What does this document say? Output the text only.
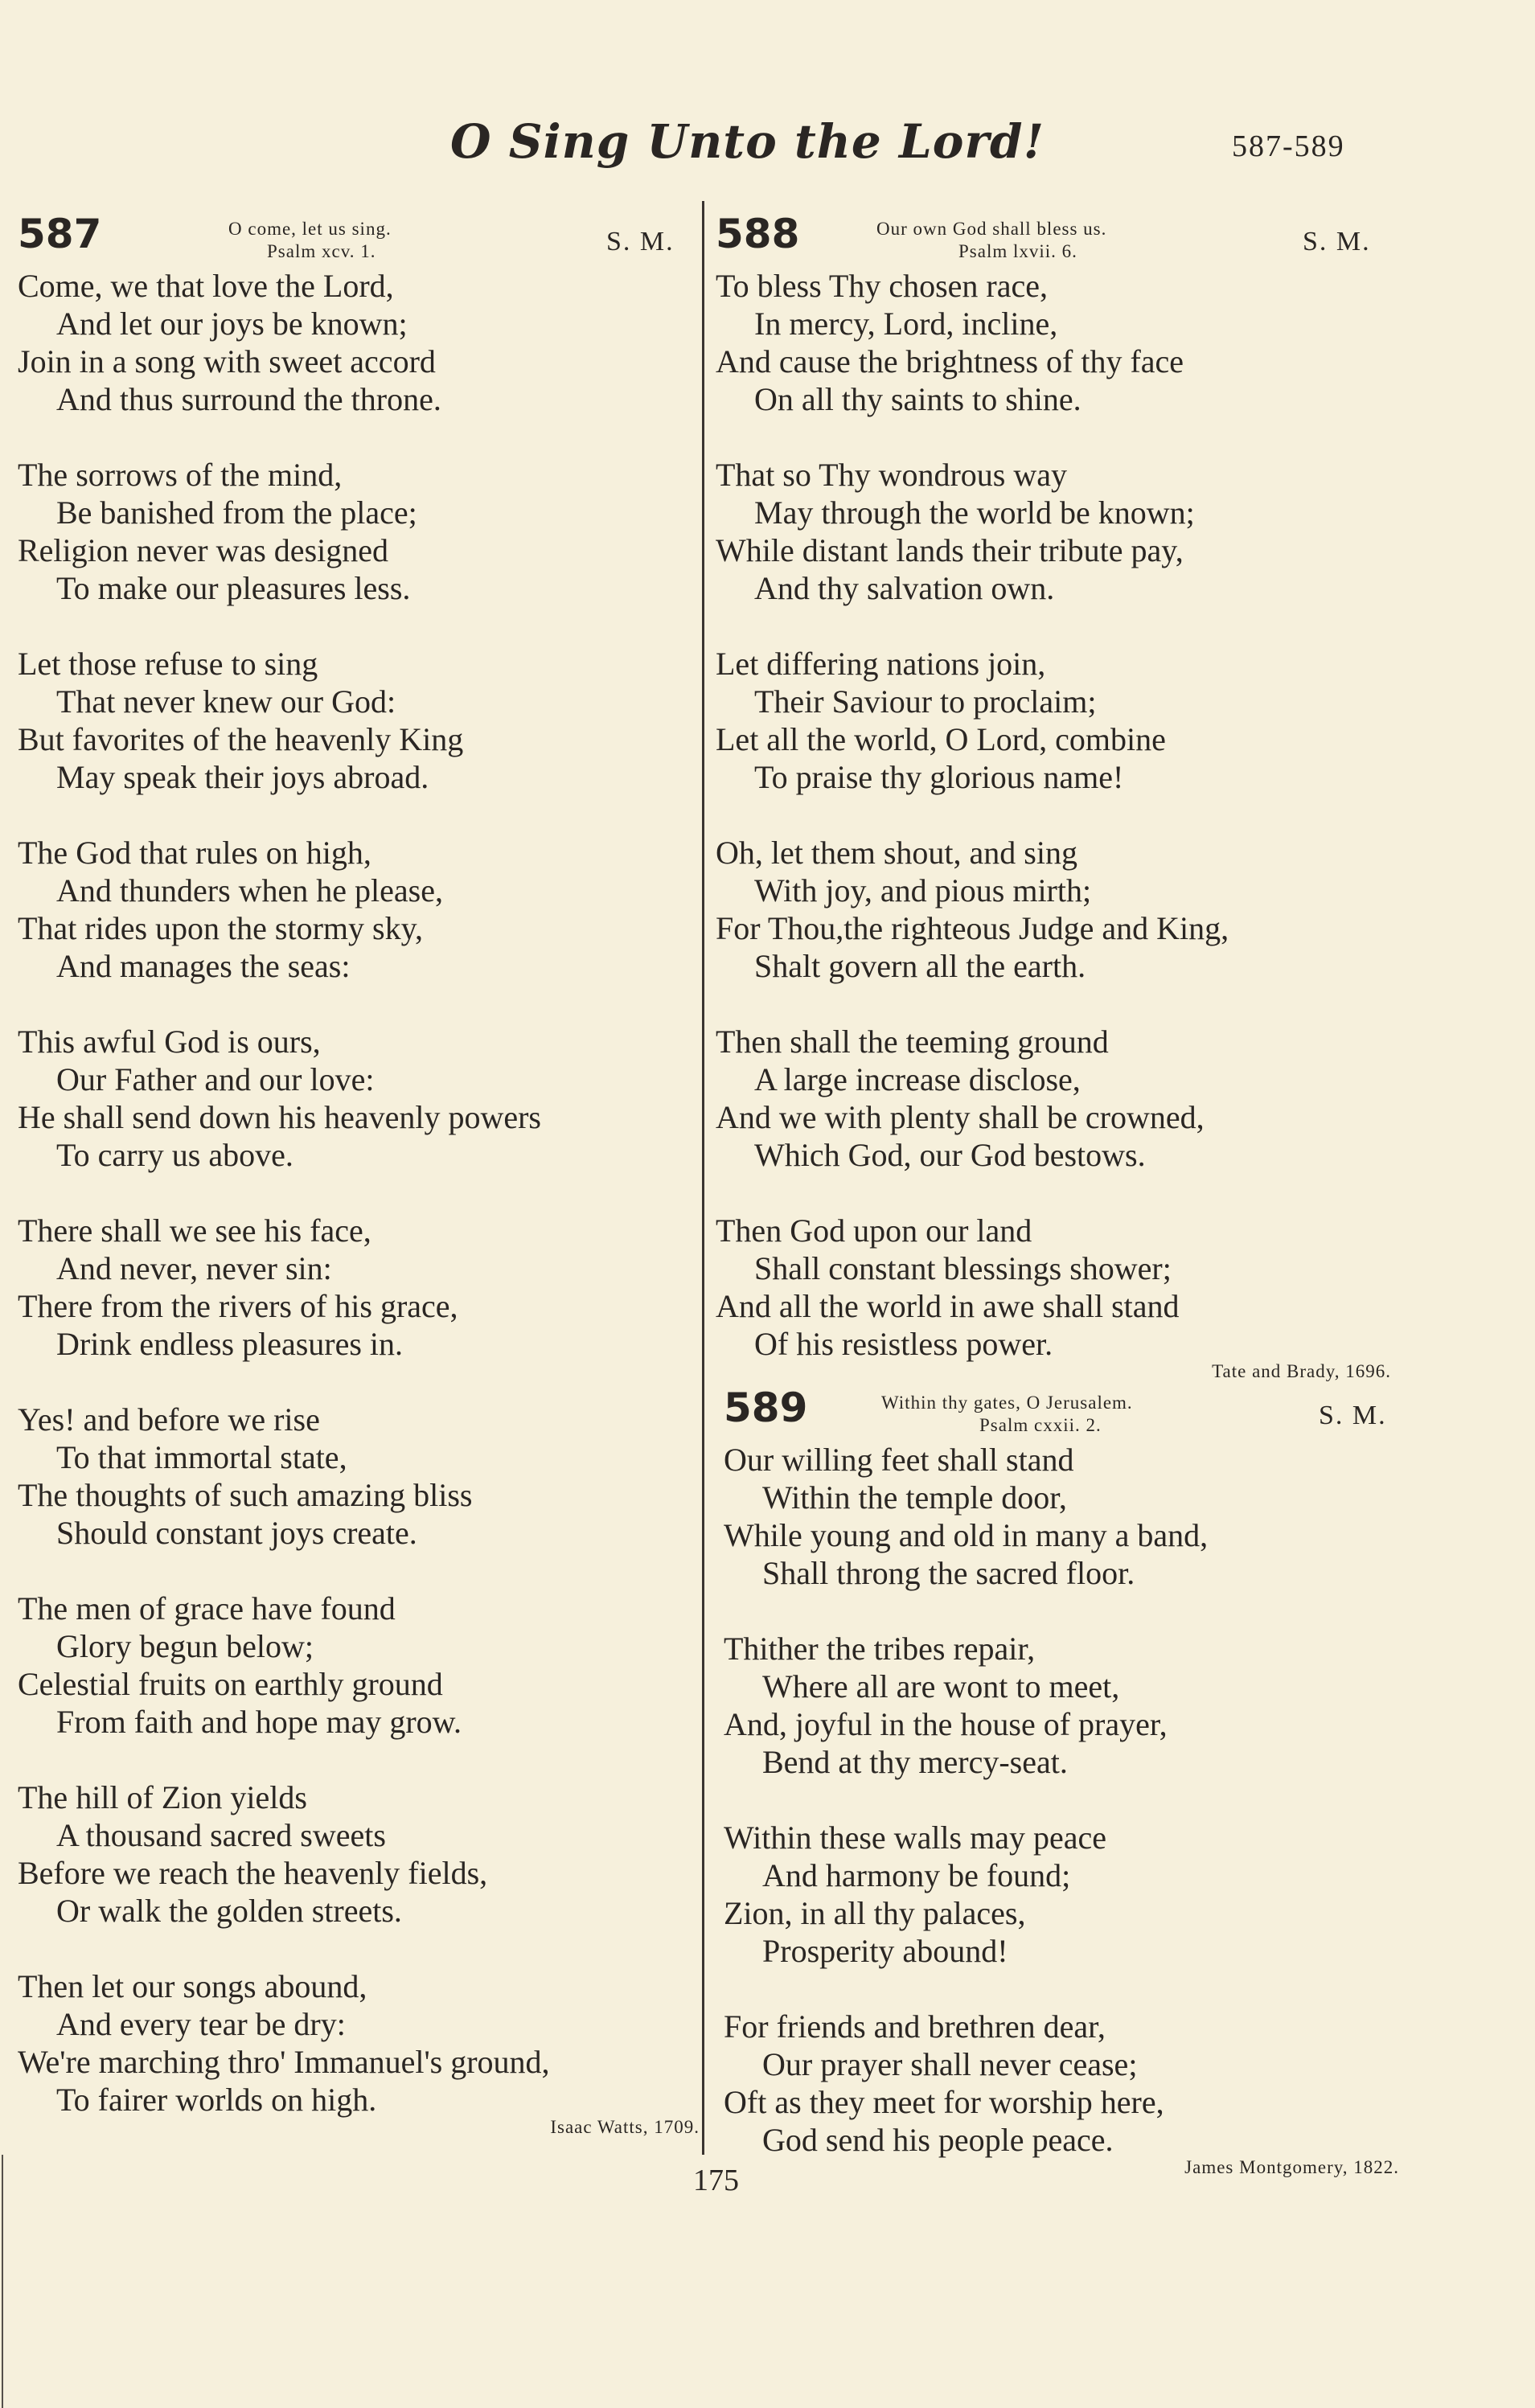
O Sing Unto the Lord!	587-589
587	O come, let us sing.
Psalm xcv. 1.	S. M.
Come, we that love the Lord,
And let our joys be known;
Join in a song with sweet accord
And thus surround the throne.
The sorrows of the mind,
Be banished from the place;
Religion never was designed
To make our pleasures less.
Let those refuse to sing
That never knew our God:
But favorites of the heavenly King
May speak their joys abroad.
The God that rules on high,
And thunders when he please,
That rides upon the stormy sky,
And manages the seas:
This awful God is ours,
Our Father and our love:
He shall send down his heavenly powers
To carry us above.
There shall we see his face,
And never, never sin:
There from the rivers of his grace,
Drink endless pleasures in.
Yes! and before we rise
To that immortal state,
The thoughts of such amazing bliss
Should constant joys create.
The men of grace have found
Glory begun below;
Celestial fruits on earthly ground
From faith and hope may grow.
The hill of Zion yields
A thousand sacred sweets
Before we reach the heavenly fields,
Or walk the golden streets.
Then let our songs abound,
And every tear be dry:
We're marching thro' Immanuel's ground,
To fairer worlds on high.
Isaac Watts, 1709.
588	Our own God shall bless us.
Psalm lxvii. 6.	S. M.
To bless Thy chosen race,
In mercy, Lord, incline,
And cause the brightness of thy face
On all thy saints to shine.
That so Thy wondrous way
May through the world be known;
While distant lands their tribute pay,
And thy salvation own.
Let differing nations join,
Their Saviour to proclaim;
Let all the world, O Lord, combine
To praise thy glorious name!
Oh, let them shout, and sing
With joy, and pious mirth;
For Thou,the righteous Judge and King,
Shalt govern all the earth.
Then shall the teeming ground
A large increase disclose,
And we with plenty shall be crowned,
Which God, our God bestows.
Then God upon our land
Shall constant blessings shower;
And all the world in awe shall stand
Of his resistless power.
Tate and Brady, 1696.
589	Within thy gates, O Jerusalem.
Psalm cxxii. 2.	S. M.
Our willing feet shall stand
Within the temple door,
While young and old in many a band,
Shall throng the sacred floor.
Thither the tribes repair,
Where all are wont to meet,
And, joyful in the house of prayer,
Bend at thy mercy-seat.
Within these walls may peace
And harmony be found;
Zion, in all thy palaces,
Prosperity abound!
For friends and brethren dear,
Our prayer shall never cease;
Oft as they meet for worship here,
God send his people peace.
James Montgomery, 1822.
175
